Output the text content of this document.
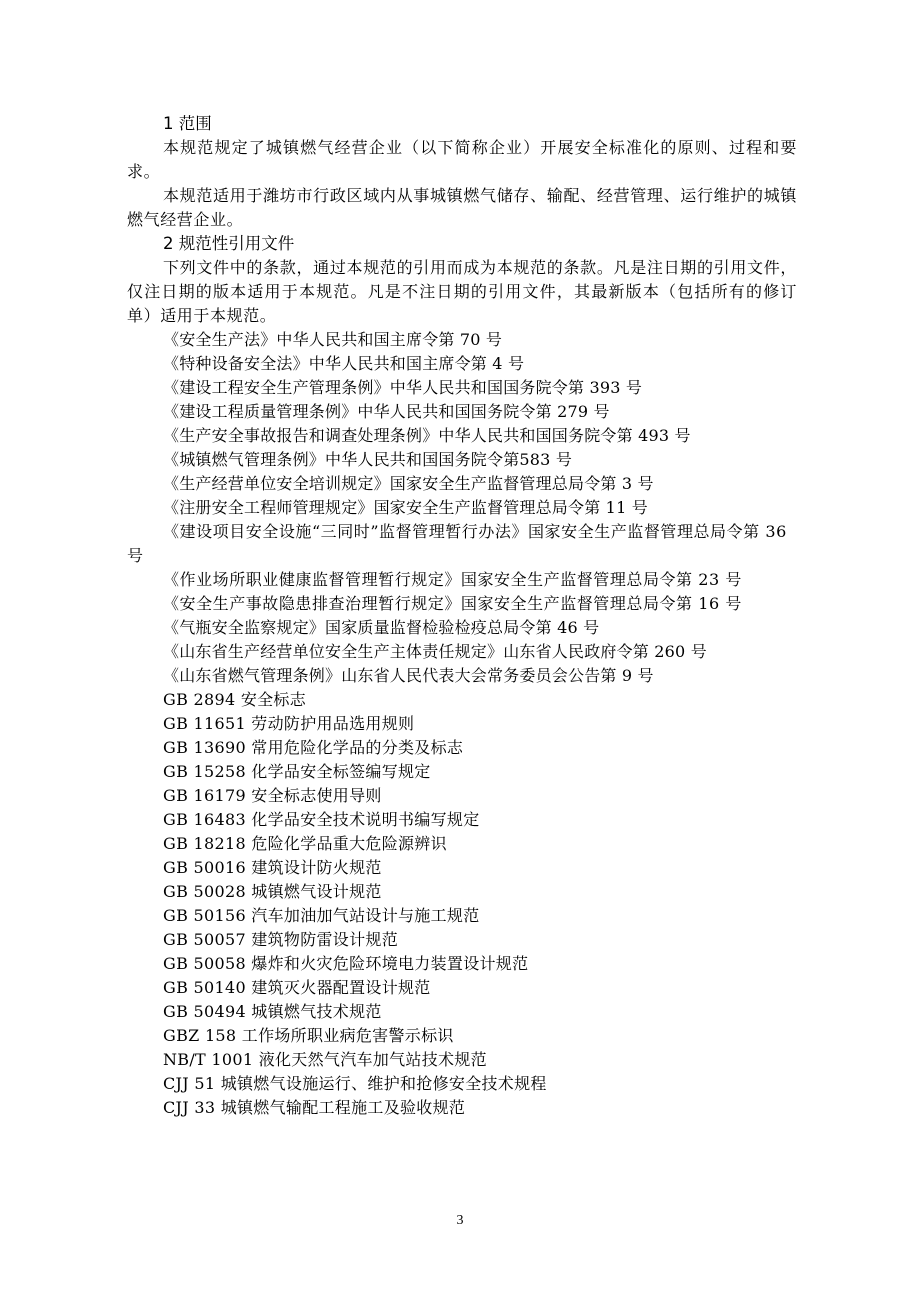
1 范围

本规范规定了城镇燃气经营企业（以下简称企业）开展安全标准化的原则、过程和要求。

本规范适用于潍坊市行政区域内从事城镇燃气储存、输配、经营管理、运行维护的城镇燃气经营企业。

2 规范性引用文件

下列文件中的条款，通过本规范的引用而成为本规范的条款。凡是注日期的引用文件，仅注日期的版本适用于本规范。凡是不注日期的引用文件，其最新版本（包括所有的修订单）适用于本规范。

《安全生产法》中华人民共和国主席令第 70 号

《特种设备安全法》中华人民共和国主席令第 4 号

《建设工程安全生产管理条例》中华人民共和国国务院令第 393 号

《建设工程质量管理条例》中华人民共和国国务院令第 279 号

《生产安全事故报告和调查处理条例》中华人民共和国国务院令第 493 号

《城镇燃气管理条例》中华人民共和国国务院令第583 号

《生产经营单位安全培训规定》国家安全生产监督管理总局令第 3 号

《注册安全工程师管理规定》国家安全生产监督管理总局令第 11 号

《建设项目安全设施“三同时”监督管理暂行办法》国家安全生产监督管理总局令第 36 号

《作业场所职业健康监督管理暂行规定》国家安全生产监督管理总局令第 23 号

《安全生产事故隐患排查治理暂行规定》国家安全生产监督管理总局令第 16 号

《气瓶安全监察规定》国家质量监督检验检疫总局令第 46 号

《山东省生产经营单位安全生产主体责任规定》山东省人民政府令第 260 号

《山东省燃气管理条例》山东省人民代表大会常务委员会公告第 9 号

GB 2894 安全标志

GB 11651 劳动防护用品选用规则

GB 13690 常用危险化学品的分类及标志

GB 15258 化学品安全标签编写规定

GB 16179 安全标志使用导则

GB 16483 化学品安全技术说明书编写规定

GB 18218 危险化学品重大危险源辨识

GB 50016 建筑设计防火规范

GB 50028 城镇燃气设计规范

GB 50156 汽车加油加气站设计与施工规范

GB 50057 建筑物防雷设计规范

GB 50058 爆炸和火灾危险环境电力装置设计规范

GB 50140 建筑灭火器配置设计规范

GB 50494 城镇燃气技术规范

GBZ 158 工作场所职业病危害警示标识

NB/T 1001 液化天然气汽车加气站技术规范

CJJ 51 城镇燃气设施运行、维护和抢修安全技术规程

CJJ 33 城镇燃气输配工程施工及验收规范

3
